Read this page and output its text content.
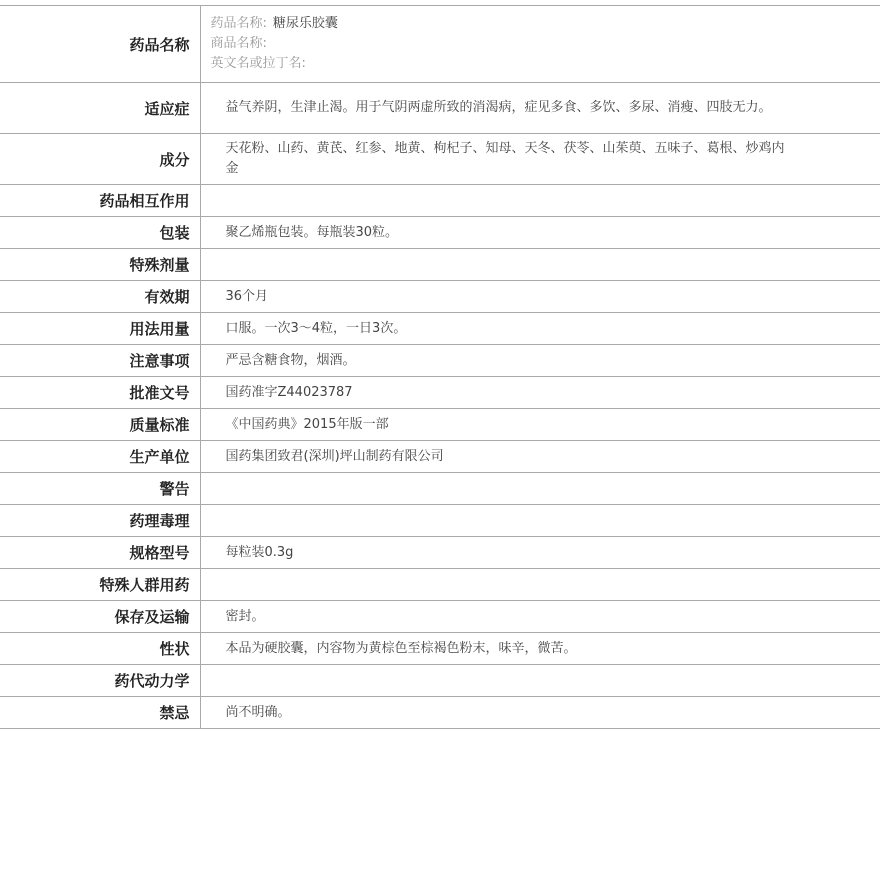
药品名称	药品名称: 糖尿乐胶囊
商品名称:
英文名或拉丁名:

适应症	益气养阴，生津止渴。用于气阴两虚所致的消渴病，症见多食、多饮、多尿、消瘦、四肢无力。

成分	天花粉、山药、黄芪、红参、地黄、枸杞子、知母、天冬、茯苓、山茱萸、五味子、葛根、炒鸡内金

药品相互作用	

包装	聚乙烯瓶包装。每瓶装30粒。

特殊剂量	

有效期	36个月

用法用量	口服。一次3～4粒，一日3次。

注意事项	严忌含糖食物，烟酒。

批准文号	国药准字Z44023787

质量标准	《中国药典》2015年版一部

生产单位	国药集团致君(深圳)坪山制药有限公司

警告	

药理毒理	

规格型号	每粒装0.3g

特殊人群用药	

保存及运输	密封。

性状	本品为硬胶囊，内容物为黄棕色至棕褐色粉末，味辛，微苦。

药代动力学	

禁忌	尚不明确。
